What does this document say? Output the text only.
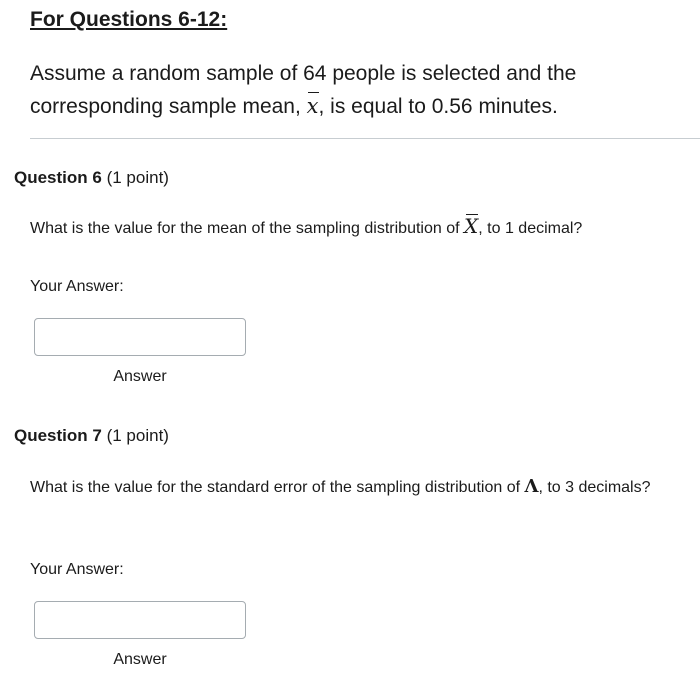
For Questions 6-12:

Assume a random sample of 64 people is selected and the corresponding sample mean, x, is equal to 0.56 minutes.

Question 6 (1 point)

What is the value for the mean of the sampling distribution of X, to 1 decimal?

Your Answer:

Answer

Question 7 (1 point)

What is the value for the standard error of the sampling distribution of Λ, to 3 decimals?

Your Answer:

Answer
